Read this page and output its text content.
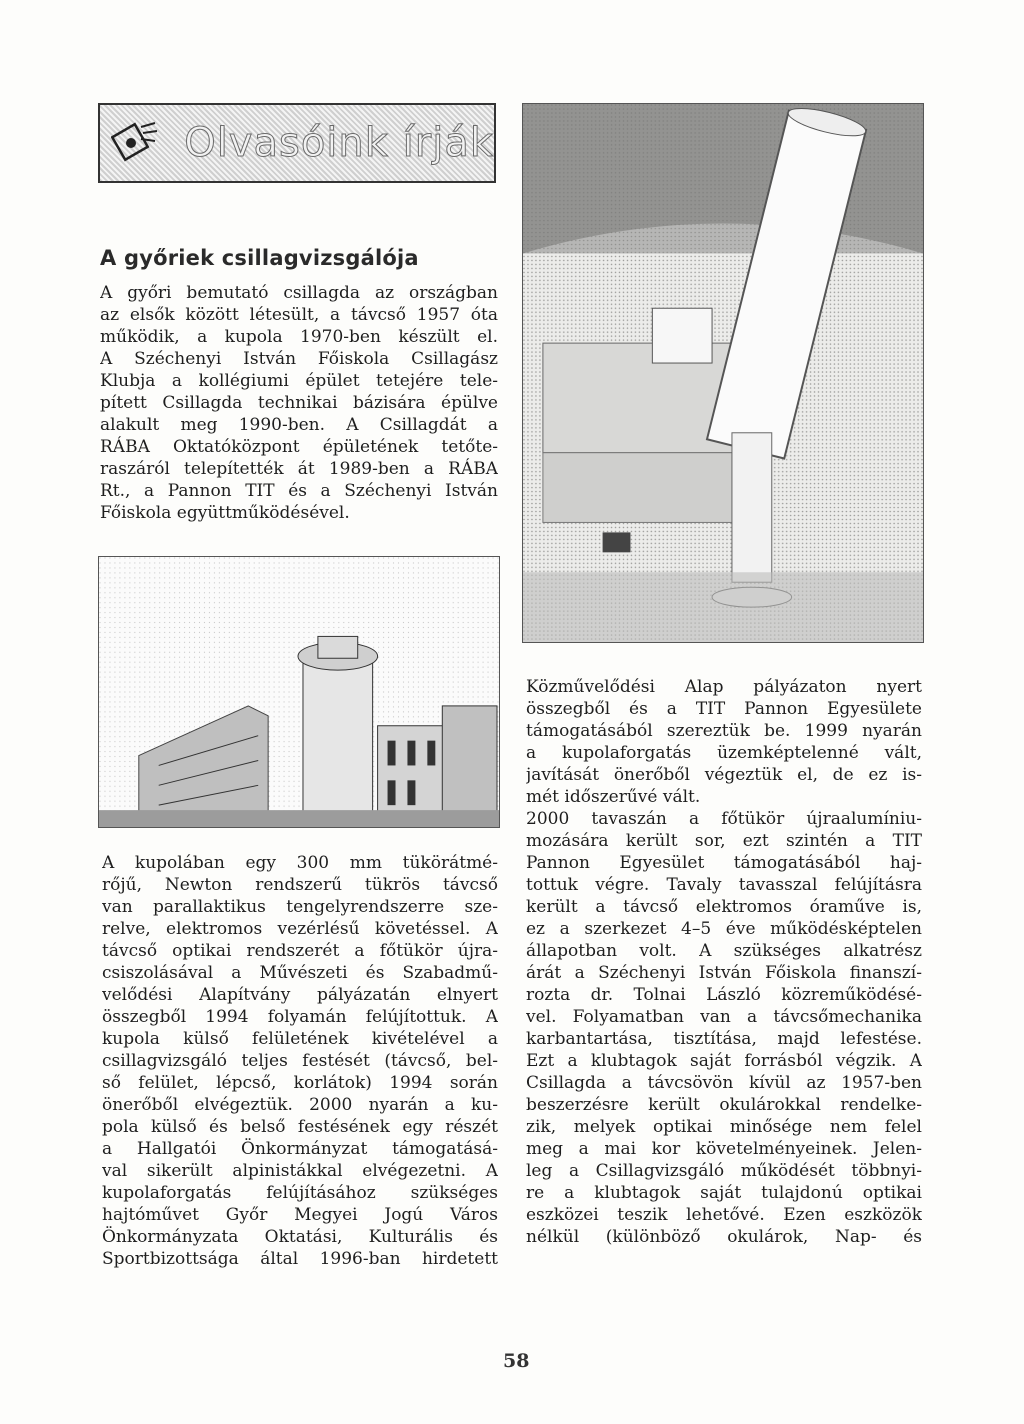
Olvasóink írják
A győriek csillagvizsgálója

A győri bemutató csillagda az országban

az elsők között létesült, a távcső 1957 óta

működik, a kupola 1970-ben készült el.

A Széchenyi István Főiskola Csillagász

Klubja a kollégiumi épület tetejére tele-

pített Csillagda technikai bázisára épülve

alakult meg 1990-ben. A Csillagdát a

RÁBA Oktatóközpont épületének tetőte-

raszáról telepítették át 1989-ben a RÁBA

Rt., a Pannon TIT és a Széchenyi István

Főiskola együttműködésével.

A kupolában egy 300 mm tükörátmé-

rőjű, Newton rendszerű tükrös távcső

van parallaktikus tengelyrendszerre sze-

relve, elektromos vezérlésű követéssel. A

távcső optikai rendszerét a főtükör újra-

csiszolásával a Művészeti és Szabadmű-

velődési Alapítvány pályázatán elnyert

összegből 1994 folyamán felújítottuk. A

kupola külső felületének kivételével a

csillagvizsgáló teljes festését (távcső, bel-

ső felület, lépcső, korlátok) 1994 során

önerőből elvégeztük. 2000 nyarán a ku-

pola külső és belső festésének egy részét

a Hallgatói Önkormányzat támogatásá-

val sikerült alpinistákkal elvégezetni. A

kupolaforgatás felújításához szükséges

hajtóművet Győr Megyei Jogú Város

Önkormányzata Oktatási, Kulturális és

Sportbizottsága által 1996-ban hirdetett

Közművelődési Alap pályázaton nyert

összegből és a TIT Pannon Egyesülete

támogatásából szereztük be. 1999 nyarán

a kupolaforgatás üzemképtelenné vált,

javítását önerőből végeztük el, de ez is-

mét időszerűvé vált.

2000 tavaszán a főtükör újraalumíniu-

mozására került sor, ezt szintén a TIT

Pannon Egyesület támogatásából haj-

tottuk végre. Tavaly tavasszal felújításra

került a távcső elektromos óraműve is,

ez a szerkezet 4–5 éve működésképtelen

állapotban volt. A szükséges alkatrész

árát a Széchenyi István Főiskola finanszí-

rozta dr. Tolnai László közreműködésé-

vel. Folyamatban van a távcsőmechanika

karbantartása, tisztítása, majd lefestése.

Ezt a klubtagok saját forrásból végzik. A

Csillagda a távcsövön kívül az 1957-ben

beszerzésre került okulárokkal rendelke-

zik, melyek optikai minősége nem felel

meg a mai kor követelményeinek. Jelen-

leg a Csillagvizsgáló működését többnyi-

re a klubtagok saját tulajdonú optikai

eszközei teszik lehetővé. Ezen eszközök

nélkül (különböző okulárok, Nap- és

58
